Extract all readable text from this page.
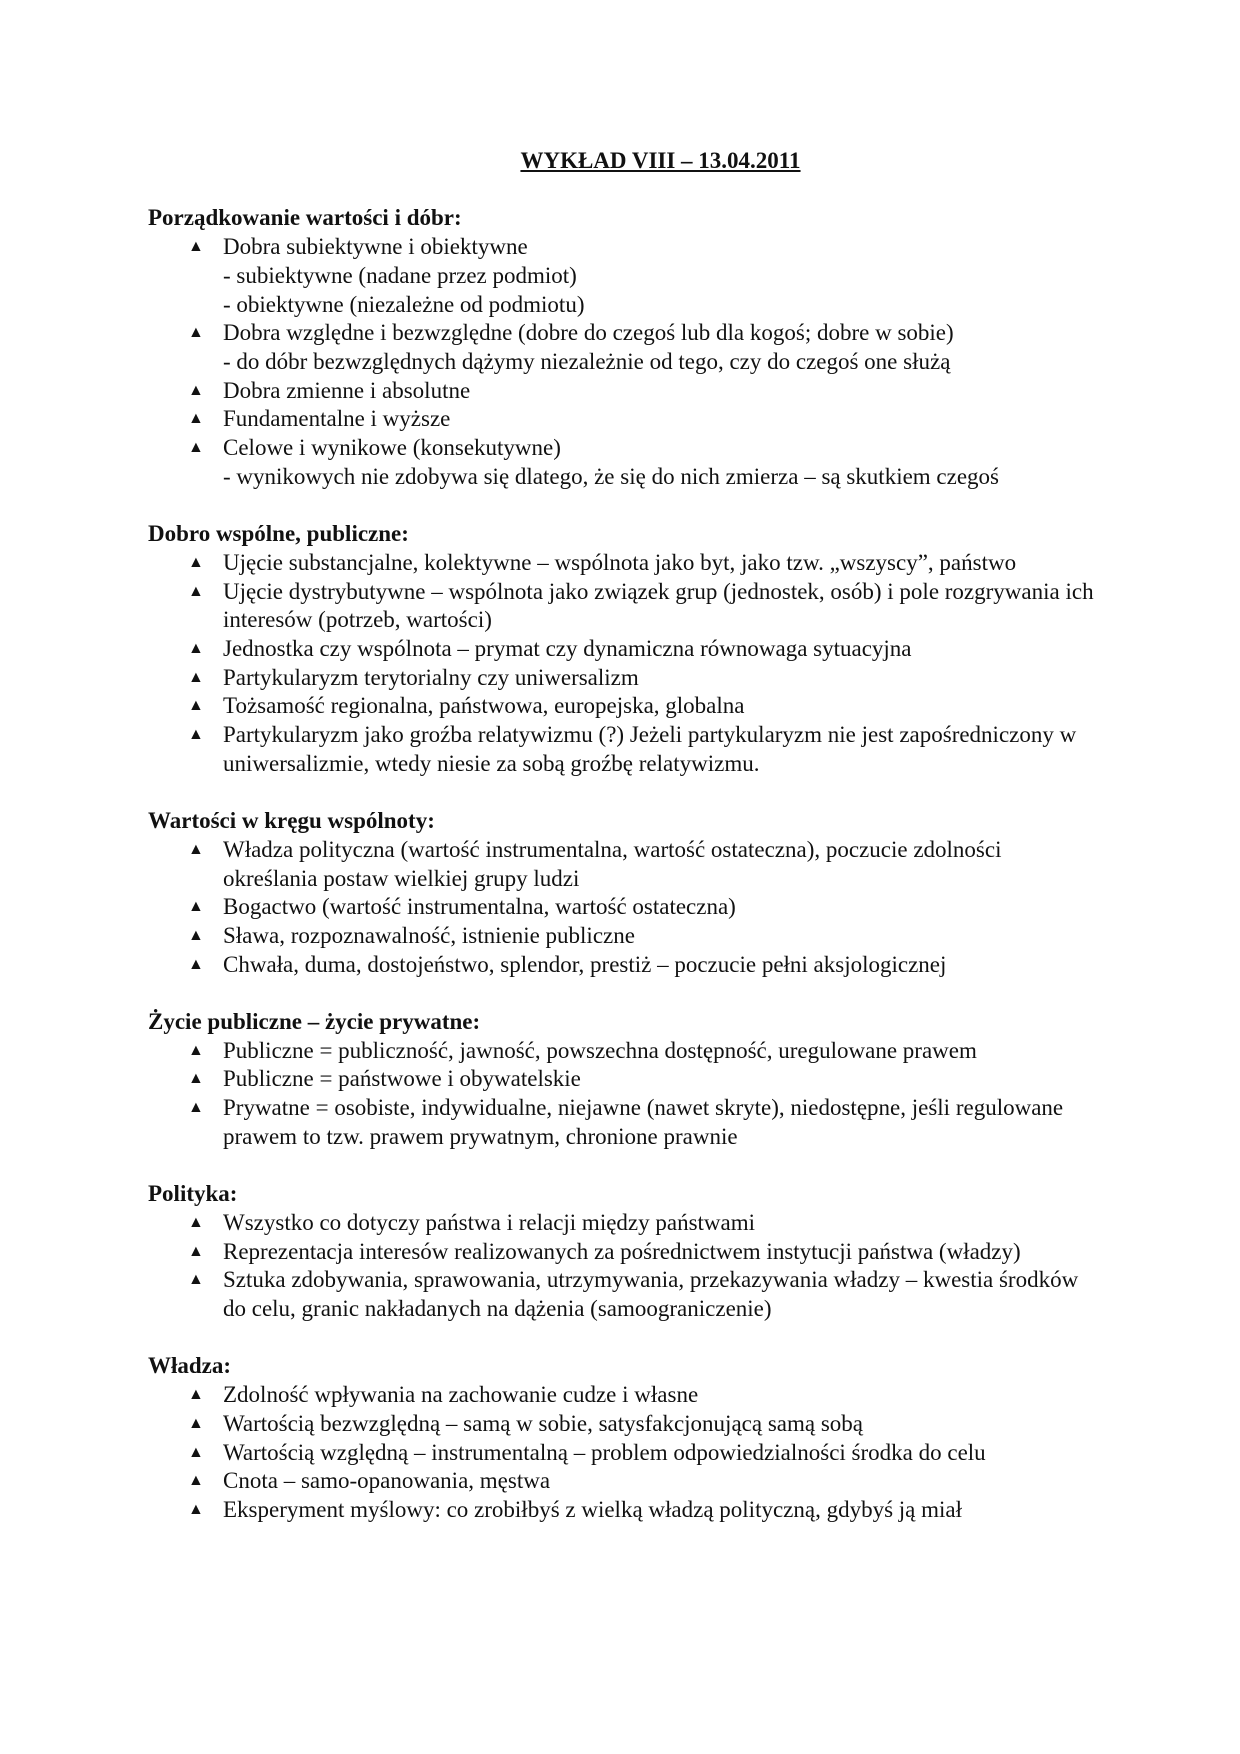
WYKŁAD VIII – 13.04.2011
Porządkowanie wartości i dóbr:
▲ Dobra subiektywne i obiektywne
- subiektywne (nadane przez podmiot)
- obiektywne (niezależne od podmiotu)
▲ Dobra względne i bezwzględne (dobre do czegoś lub dla kogoś; dobre w sobie)
- do dóbr bezwzględnych dążymy niezależnie od tego, czy do czegoś one służą
▲ Dobra zmienne i absolutne
▲ Fundamentalne i wyższe
▲ Celowe i wynikowe (konsekutywne)
- wynikowych nie zdobywa się dlatego, że się do nich zmierza – są skutkiem czegoś
Dobro wspólne, publiczne:
▲ Ujęcie substancjalne, kolektywne – wspólnota jako byt, jako tzw. „wszyscy”, państwo
▲ Ujęcie dystrybutywne – wspólnota jako związek grup (jednostek, osób) i pole rozgrywania ich interesów (potrzeb, wartości)
▲ Jednostka czy wspólnota – prymat czy dynamiczna równowaga sytuacyjna
▲ Partykularyzm terytorialny czy uniwersalizm
▲ Tożsamość regionalna, państwowa, europejska, globalna
▲ Partykularyzm jako groźba relatywizmu (?) Jeżeli partykularyzm nie jest zapośredniczony w uniwersalizmie, wtedy niesie za sobą groźbę relatywizmu.
Wartości w kręgu wspólnoty:
▲ Władza polityczna (wartość instrumentalna, wartość ostateczna), poczucie zdolności określania postaw wielkiej grupy ludzi
▲ Bogactwo (wartość instrumentalna, wartość ostateczna)
▲ Sława, rozpoznawalność, istnienie publiczne
▲ Chwała, duma, dostojeństwo, splendor, prestiż – poczucie pełni aksjologicznej
Życie publiczne – życie prywatne:
▲ Publiczne = publiczność, jawność, powszechna dostępność, uregulowane prawem
▲ Publiczne = państwowe i obywatelskie
▲ Prywatne = osobiste, indywidualne, niejawne (nawet skryte), niedostępne, jeśli regulowane prawem to tzw. prawem prywatnym, chronione prawnie
Polityka:
▲ Wszystko co dotyczy państwa i relacji między państwami
▲ Reprezentacja interesów realizowanych za pośrednictwem instytucji państwa (władzy)
▲ Sztuka zdobywania, sprawowania, utrzymywania, przekazywania władzy – kwestia środków do celu, granic nakładanych na dążenia (samoograniczenie)
Władza:
▲ Zdolność wpływania na zachowanie cudze i własne
▲ Wartością bezwzględną – samą w sobie, satysfakcjonującą samą sobą
▲ Wartością względną – instrumentalną – problem odpowiedzialności środka do celu
▲ Cnota – samo-opanowania, męstwa
▲ Eksperyment myślowy: co zrobiłbyś z wielką władzą polityczną, gdybyś ją miał
